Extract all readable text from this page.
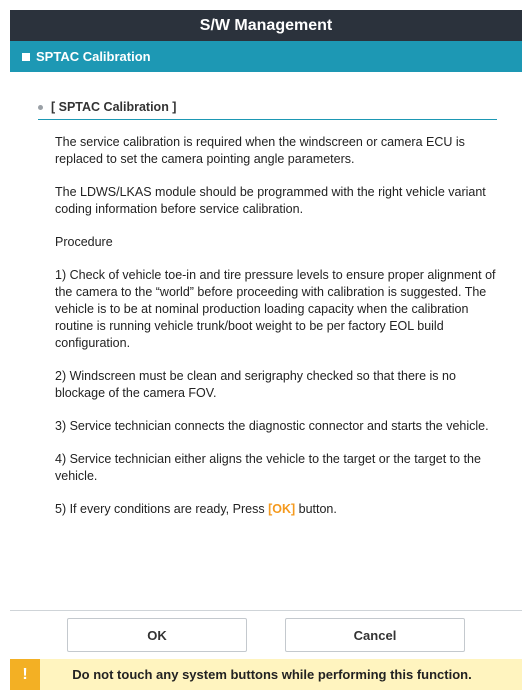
S/W Management
SPTAC Calibration
[ SPTAC Calibration ]

The service calibration is required when the windscreen or camera ECU is replaced to set the camera pointing angle parameters.

The LDWS/LKAS module should be programmed with the right vehicle variant coding information before service calibration.

Procedure

1) Check of vehicle toe-in and tire pressure levels to ensure proper alignment of the camera to the “world” before proceeding with calibration is suggested. The vehicle is to be at nominal production loading capacity when the calibration routine is running vehicle trunk/boot weight to be per factory EOL build configuration.

2) Windscreen must be clean and serigraphy checked so that there is no blockage of the camera FOV.

3) Service technician connects the diagnostic connector and starts the vehicle.

4) Service technician either aligns the vehicle to the target or the target to the vehicle.

5) If every conditions are ready, Press [OK] button.

OK	Cancel
!	Do not touch any system buttons while performing this function.
